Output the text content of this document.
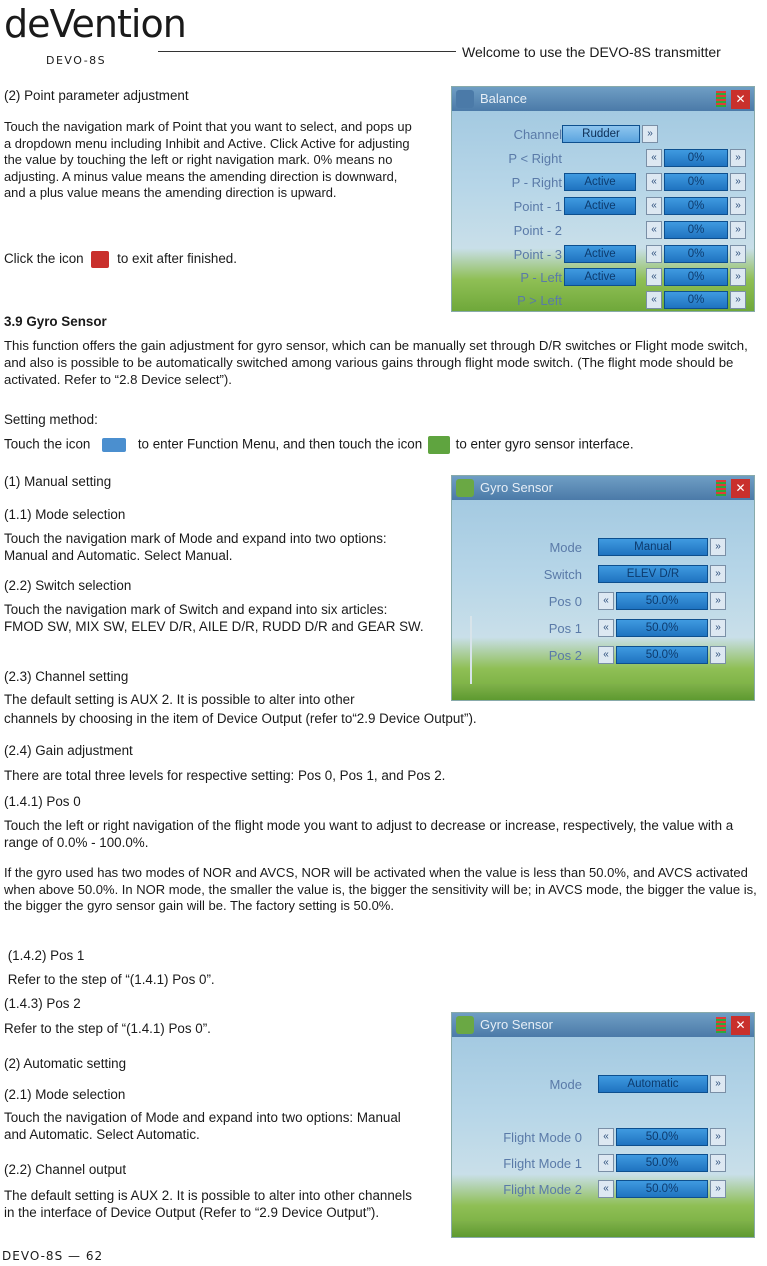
deVention
DEVO-8S
Welcome to use the DEVO-8S transmitter
(2) Point parameter adjustment
Touch the navigation mark of Point that you want to select, and pops up a dropdown menu including Inhibit and Active. Click Active for adjusting the value by touching the left or right navigation mark. 0% means no adjusting. A minus value means the amending direction is downward, and a plus value means the amending direction is upward.
Click the icon to exit after finished.
Balance	✕
Channel	Rudder	»
P < Right	«	0%	»
P - Right	Active	«	0%	»
Point - 1	Active	«	0%	»
Point - 2	«	0%	»
Point - 3	Active	«	0%	»
P - Left	Active	«	0%	»
P > Left	«	0%	»
3.9 Gyro Sensor
This function offers the gain adjustment for gyro sensor, which can be manually set through D/R switches or Flight mode switch, and also is possible to be automatically switched among various gains through flight mode switch. (The flight mode should be activated. Refer to “2.8 Device select”).
Setting method:
Touch the icon	to enter Function Menu, and then touch the icon to enter gyro sensor interface.
(1) Manual setting
(1.1) Mode selection
Touch the navigation mark of Mode and expand into two options: Manual and Automatic. Select Manual.
(2.2) Switch selection
Touch the navigation mark of Switch and expand into six articles: FMOD SW, MIX SW, ELEV D/R, AILE D/R, RUDD D/R and GEAR SW.
(2.3) Channel setting
The default setting is AUX 2. It is possible to alter into other
channels by choosing in the item of Device Output (refer to“2.9 Device Output”).
Gyro Sensor	✕
Mode	Manual	»
Switch	ELEV D/R	»
Pos 0	«	50.0%	»
Pos 1	«	50.0%	»
Pos 2	«	50.0%	»
(2.4) Gain adjustment
There are total three levels for respective setting: Pos 0, Pos 1, and Pos 2.
(1.4.1) Pos 0
Touch the left or right navigation of the flight mode you want to adjust to decrease or increase, respectively, the value with a range of 0.0% - 100.0%.
If the gyro used has two modes of NOR and AVCS, NOR will be activated when the value is less than 50.0%, and AVCS activated when above 50.0%. In NOR mode, the smaller the value is, the bigger the sensitivity will be; in AVCS mode, the bigger the value is, the bigger the gyro sensor gain will be. The factory setting is 50.0%.
(1.4.2) Pos 1
Refer to the step of “(1.4.1) Pos 0”.
(1.4.3) Pos 2
Refer to the step of “(1.4.1) Pos 0”.
(2) Automatic setting
(2.1) Mode selection
Touch the navigation of Mode and expand into two options: Manual and Automatic. Select Automatic.
(2.2) Channel output
The default setting is AUX 2. It is possible to alter into other channels in the interface of Device Output (Refer to “2.9 Device Output”).
Gyro Sensor	✕
Mode	Automatic	»
Flight Mode 0	«	50.0%	»
Flight Mode 1	«	50.0%	»
Flight Mode 2	«	50.0%	»
DEVO-8S — 62
